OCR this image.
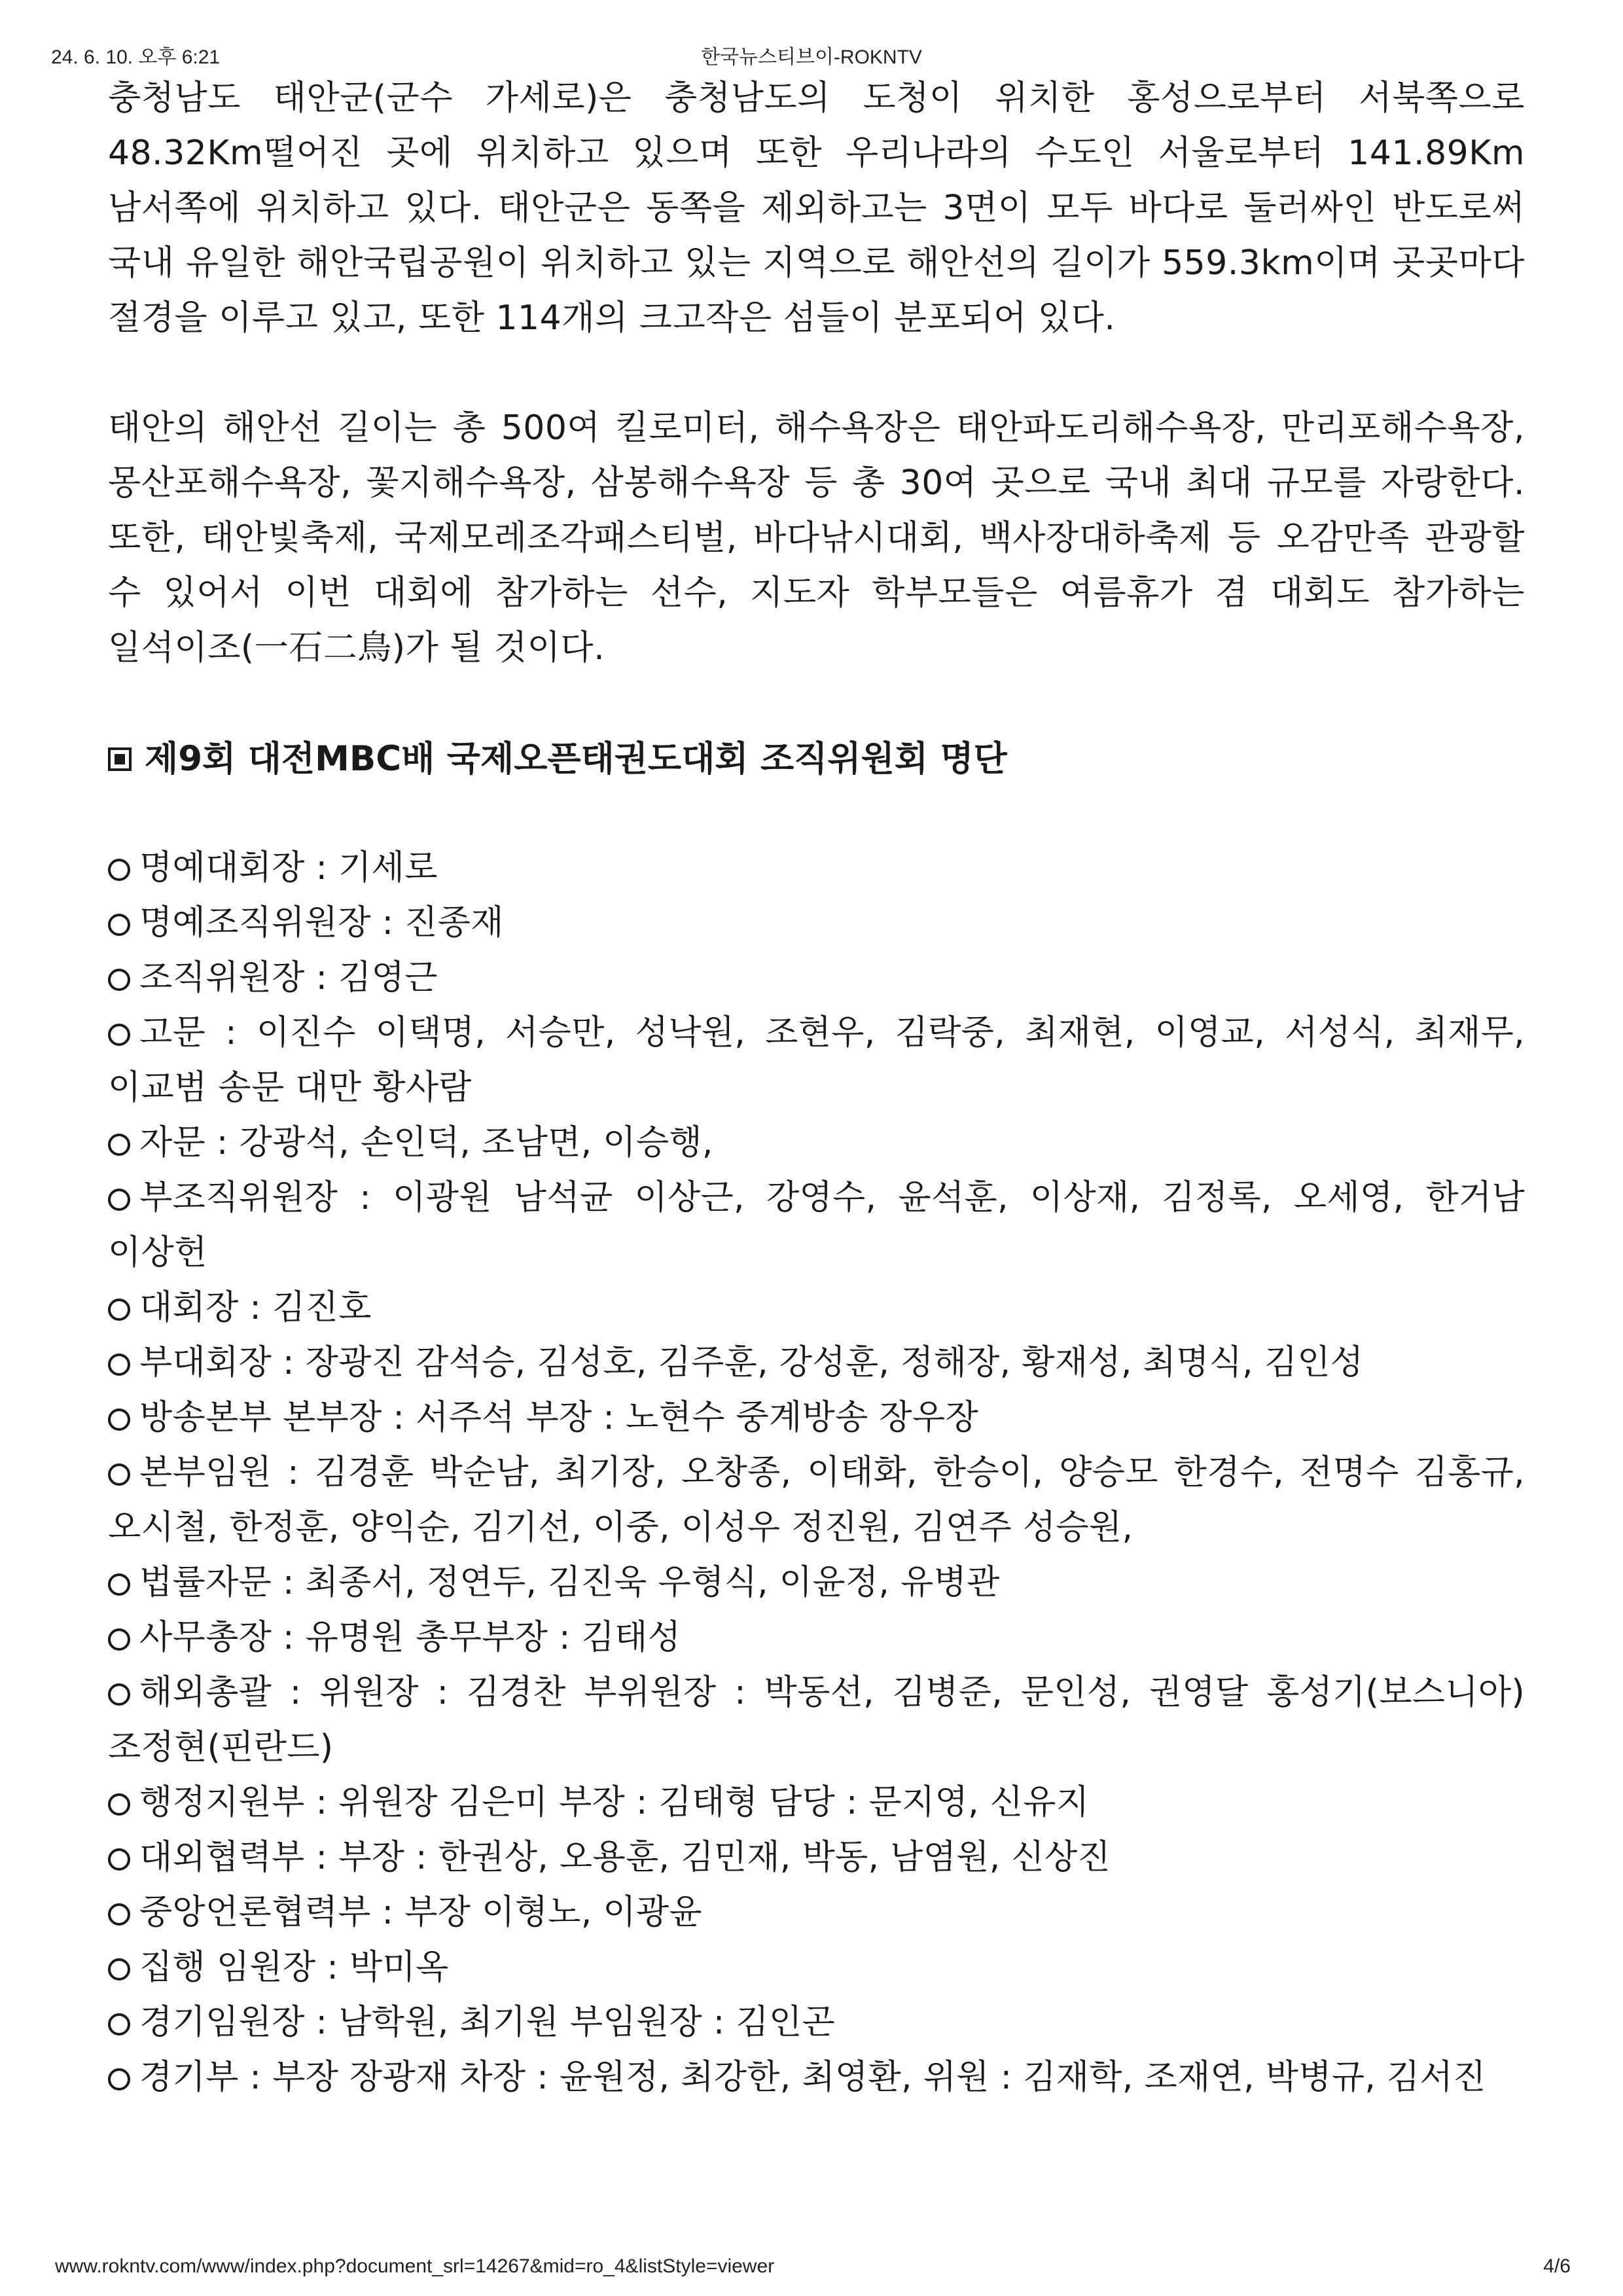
24. 6. 10. 오후 6:21	한국뉴스티브이-ROKNTV

충청남도 태안군(군수 가세로)은 충청남도의 도청이 위치한 홍성으로부터 서북쪽으로 48.32Km떨어진 곳에 위치하고 있으며 또한 우리나라의 수도인 서울로부터 141.89Km 남서쪽에 위치하고 있다. 태안군은 동쪽을 제외하고는 3면이 모두 바다로 둘러싸인 반도로써 국내 유일한 해안국립공원이 위치하고 있는 지역으로 해안선의 길이가 559.3km이며 곳곳마다 절경을 이루고 있고, 또한 114개의 크고작은 섬들이 분포되어 있다.

태안의 해안선 길이는 총 500여 킬로미터, 해수욕장은 태안파도리해수욕장, 만리포해수욕장, 몽산포해수욕장, 꽃지해수욕장, 삼봉해수욕장 등 총 30여 곳으로 국내 최대 규모를 자랑한다. 또한, 태안빛축제, 국제모레조각패스티벌, 바다낚시대회, 백사장대하축제 등 오감만족 관광할 수 있어서 이번 대회에 참가하는 선수, 지도자 학부모들은 여름휴가 겸 대회도 참가하는 일석이조(一石二鳥)가 될 것이다.

제9회 대전MBC배 국제오픈태권도대회 조직위원회 명단
명예대회장 : 기세로
명예조직위원장 : 진종재
조직위원장 : 김영근
고문 : 이진수 이택명, 서승만, 성낙원, 조현우, 김락중, 최재현, 이영교, 서성식, 최재무, 이교범 송문 대만 황사람
자문 : 강광석, 손인덕, 조남면, 이승행,
부조직위원장 : 이광원 남석균 이상근, 강영수, 윤석훈, 이상재, 김정록, 오세영, 한거남 이상헌
대회장 : 김진호
부대회장 : 장광진 감석승, 김성호, 김주훈, 강성훈, 정해장, 황재성, 최명식, 김인성
방송본부 본부장 : 서주석 부장 : 노현수 중계방송 장우장
본부임원 : 김경훈 박순남, 최기장, 오창종, 이태화, 한승이, 양승모 한경수, 전명수 김홍규, 오시철, 한정훈, 양익순, 김기선, 이중, 이성우 정진원, 김연주 성승원,
법률자문 : 최종서, 정연두, 김진욱 우형식, 이윤정, 유병관
사무총장 : 유명원 총무부장 : 김태성
해외총괄 : 위원장 : 김경찬 부위원장 : 박동선, 김병준, 문인성, 권영달 홍성기(보스니아) 조정현(핀란드)
행정지원부 : 위원장 김은미 부장 : 김태형 담당 : 문지영, 신유지
대외협력부 : 부장 : 한권상, 오용훈, 김민재, 박동, 남염원, 신상진
중앙언론협력부 : 부장 이형노, 이광윤
집행 임원장 : 박미옥
경기임원장 : 남학원, 최기원 부임원장 : 김인곤
경기부 : 부장 장광재 차장 : 윤원정, 최강한, 최영환, 위원 : 김재학, 조재연, 박병규, 김서진
www.rokntv.com/www/index.php?document_srl=14267&mid=ro_4&listStyle=viewer	4/6
